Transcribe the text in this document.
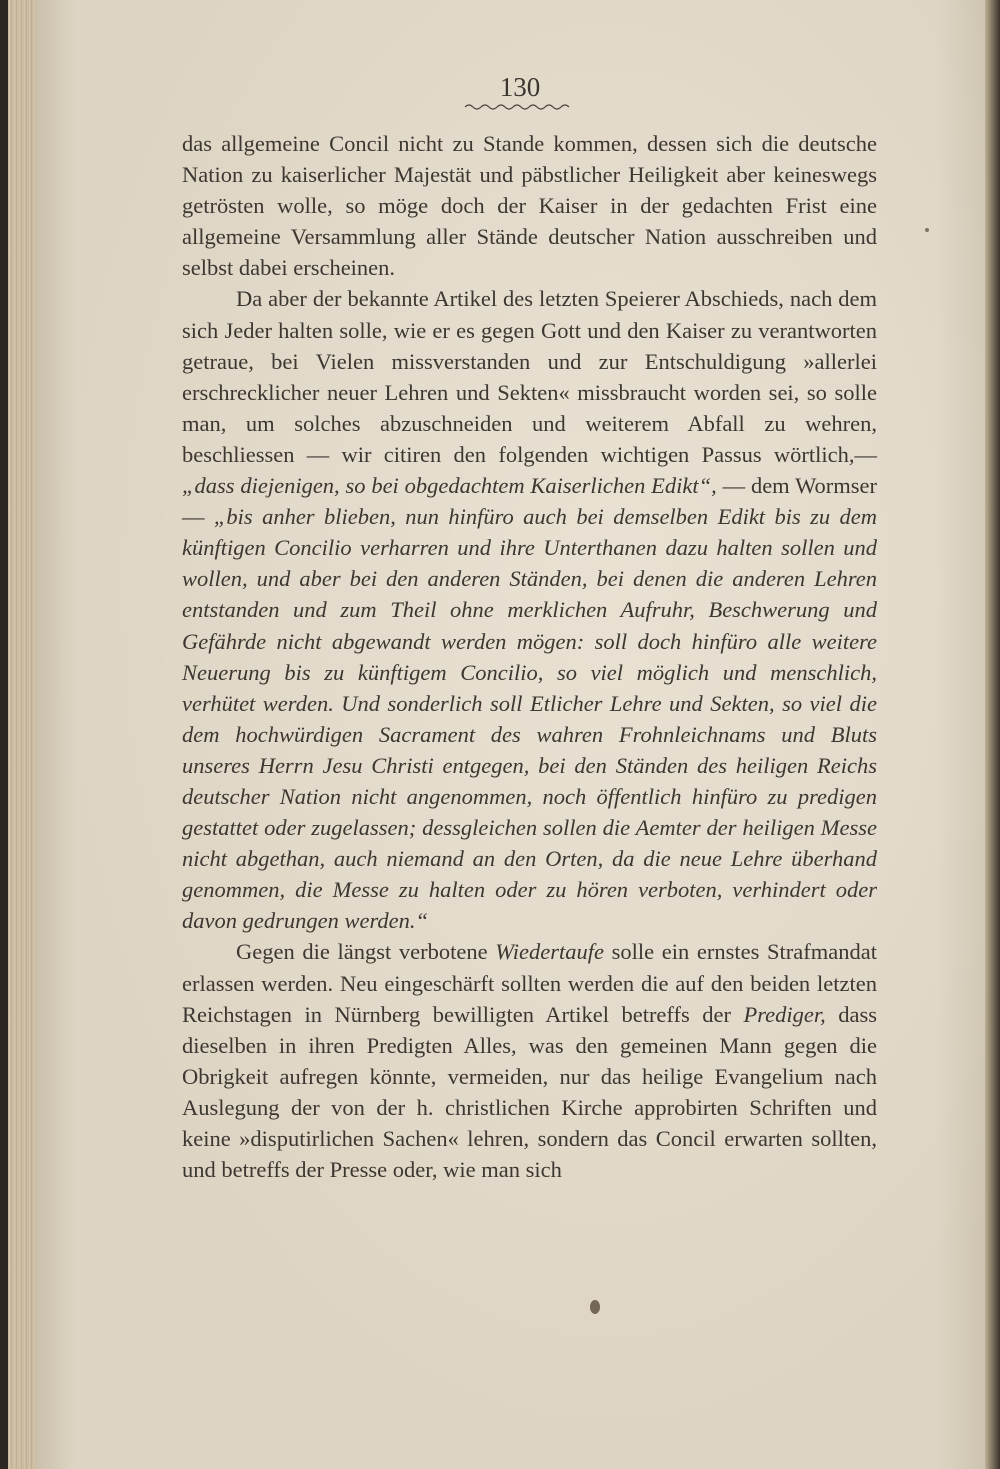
130

das allgemeine Concil nicht zu Stande kommen, dessen sich die deutsche Nation zu kaiserlicher Majestät und päbstlicher Heiligkeit aber keineswegs getrösten wolle, so möge doch der Kaiser in der gedachten Frist eine allgemeine Versammlung aller Stände deutscher Nation ausschreiben und selbst dabei erscheinen.

Da aber der bekannte Artikel des letzten Speierer Abschieds, nach dem sich Jeder halten solle, wie er es gegen Gott und den Kaiser zu verantworten getraue, bei Vielen missverstanden und zur Entschuldigung »allerlei erschrecklicher neuer Lehren und Sekten« missbraucht worden sei, so solle man, um solches abzuschneiden und weiterem Abfall zu wehren, beschliessen — wir citiren den folgenden wichtigen Passus wörtlich,— „dass diejenigen, so bei obgedachtem Kaiserlichen Edikt“, — dem Wormser — „bis anher blieben, nun hinfüro auch bei demselben Edikt bis zu dem künftigen Concilio verharren und ihre Unterthanen dazu halten sollen und wollen, und aber bei den anderen Ständen, bei denen die anderen Lehren entstanden und zum Theil ohne merklichen Aufruhr, Beschwerung und Gefährde nicht abgewandt werden mögen: soll doch hinfüro alle weitere Neuerung bis zu künftigem Concilio, so viel möglich und menschlich, verhütet werden. Und sonderlich soll Etlicher Lehre und Sekten, so viel die dem hochwürdigen Sacrament des wahren Frohnleichnams und Bluts unseres Herrn Jesu Christi entgegen, bei den Ständen des heiligen Reichs deutscher Nation nicht angenommen, noch öffentlich hinfüro zu predigen gestattet oder zugelassen; dessgleichen sollen die Aemter der heiligen Messe nicht abgethan, auch niemand an den Orten, da die neue Lehre überhand genommen, die Messe zu halten oder zu hören verboten, verhindert oder davon gedrungen werden.“

Gegen die längst verbotene Wiedertaufe solle ein ernstes Strafmandat erlassen werden. Neu eingeschärft sollten werden die auf den beiden letzten Reichstagen in Nürnberg bewilligten Artikel betreffs der Prediger, dass dieselben in ihren Predigten Alles, was den gemeinen Mann gegen die Obrigkeit aufregen könnte, vermeiden, nur das heilige Evangelium nach Auslegung der von der h. christlichen Kirche approbirten Schriften und keine »disputirlichen Sachen« lehren, sondern das Concil erwarten sollten, und betreffs der Presse oder, wie man sich
